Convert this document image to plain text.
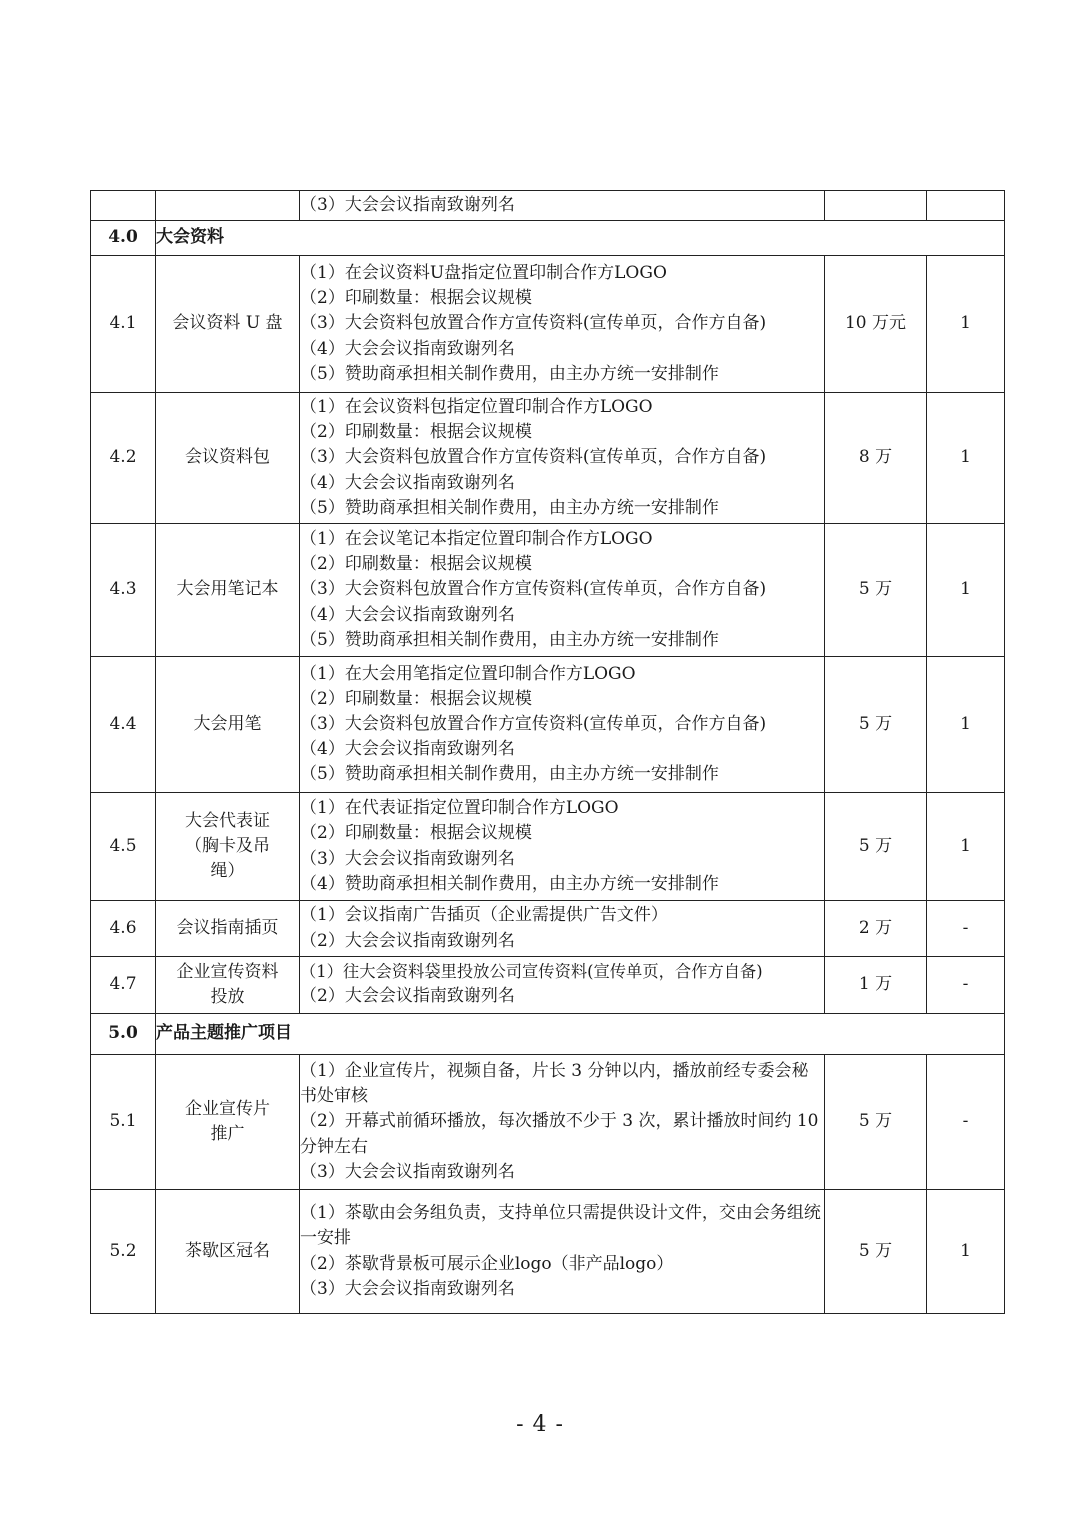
		（3）大会会议指南致谢列名		

4.0	大会资料			
4.1	会议资料 U 盘	（1）在会议资料U盘指定位置印制合作方LOGO
（2）印刷数量：根据会议规模
（3）大会资料包放置合作方宣传资料(宣传单页，合作方自备)
（4）大会会议指南致谢列名
（5）赞助商承担相关制作费用，由主办方统一安排制作	10 万元	1
4.2	会议资料包	（1）在会议资料包指定位置印制合作方LOGO
（2）印刷数量：根据会议规模
（3）大会资料包放置合作方宣传资料(宣传单页，合作方自备)
（4）大会会议指南致谢列名
（5）赞助商承担相关制作费用，由主办方统一安排制作	8 万	1
4.3	大会用笔记本	（1）在会议笔记本指定位置印制合作方LOGO
（2）印刷数量：根据会议规模
（3）大会资料包放置合作方宣传资料(宣传单页，合作方自备)
（4）大会会议指南致谢列名
（5）赞助商承担相关制作费用，由主办方统一安排制作	5 万	1
4.4	大会用笔	（1）在大会用笔指定位置印制合作方LOGO
（2）印刷数量：根据会议规模
（3）大会资料包放置合作方宣传资料(宣传单页，合作方自备)
（4）大会会议指南致谢列名
（5）赞助商承担相关制作费用，由主办方统一安排制作	5 万	1
4.5	大会代表证（胸卡及吊绳）	（1）在代表证指定位置印制合作方LOGO
（2）印刷数量：根据会议规模
（3）大会会议指南致谢列名
（4）赞助商承担相关制作费用，由主办方统一安排制作	5 万	1
4.6	会议指南插页	（1）会议指南广告插页（企业需提供广告文件）
（2）大会会议指南致谢列名	2 万	-
4.7	企业宣传资料投放	（1）往大会资料袋里投放公司宣传资料(宣传单页，合作方自备)
（2）大会会议指南致谢列名	1 万	-
5.0	产品主题推广项目			
5.1	企业宣传片推广	（1）企业宣传片，视频自备，片长 3 分钟以内，播放前经专委会秘书处审核
（2）开幕式前循环播放，每次播放不少于 3 次，累计播放时间约 10 分钟左右
（3）大会会议指南致谢列名	5 万	-
5.2	茶歇区冠名	（1）茶歇由会务组负责，支持单位只需提供设计文件，交由会务组统一安排
（2）茶歇背景板可展示企业logo（非产品logo）
（3）大会会议指南致谢列名	5 万	1
- 4 -
